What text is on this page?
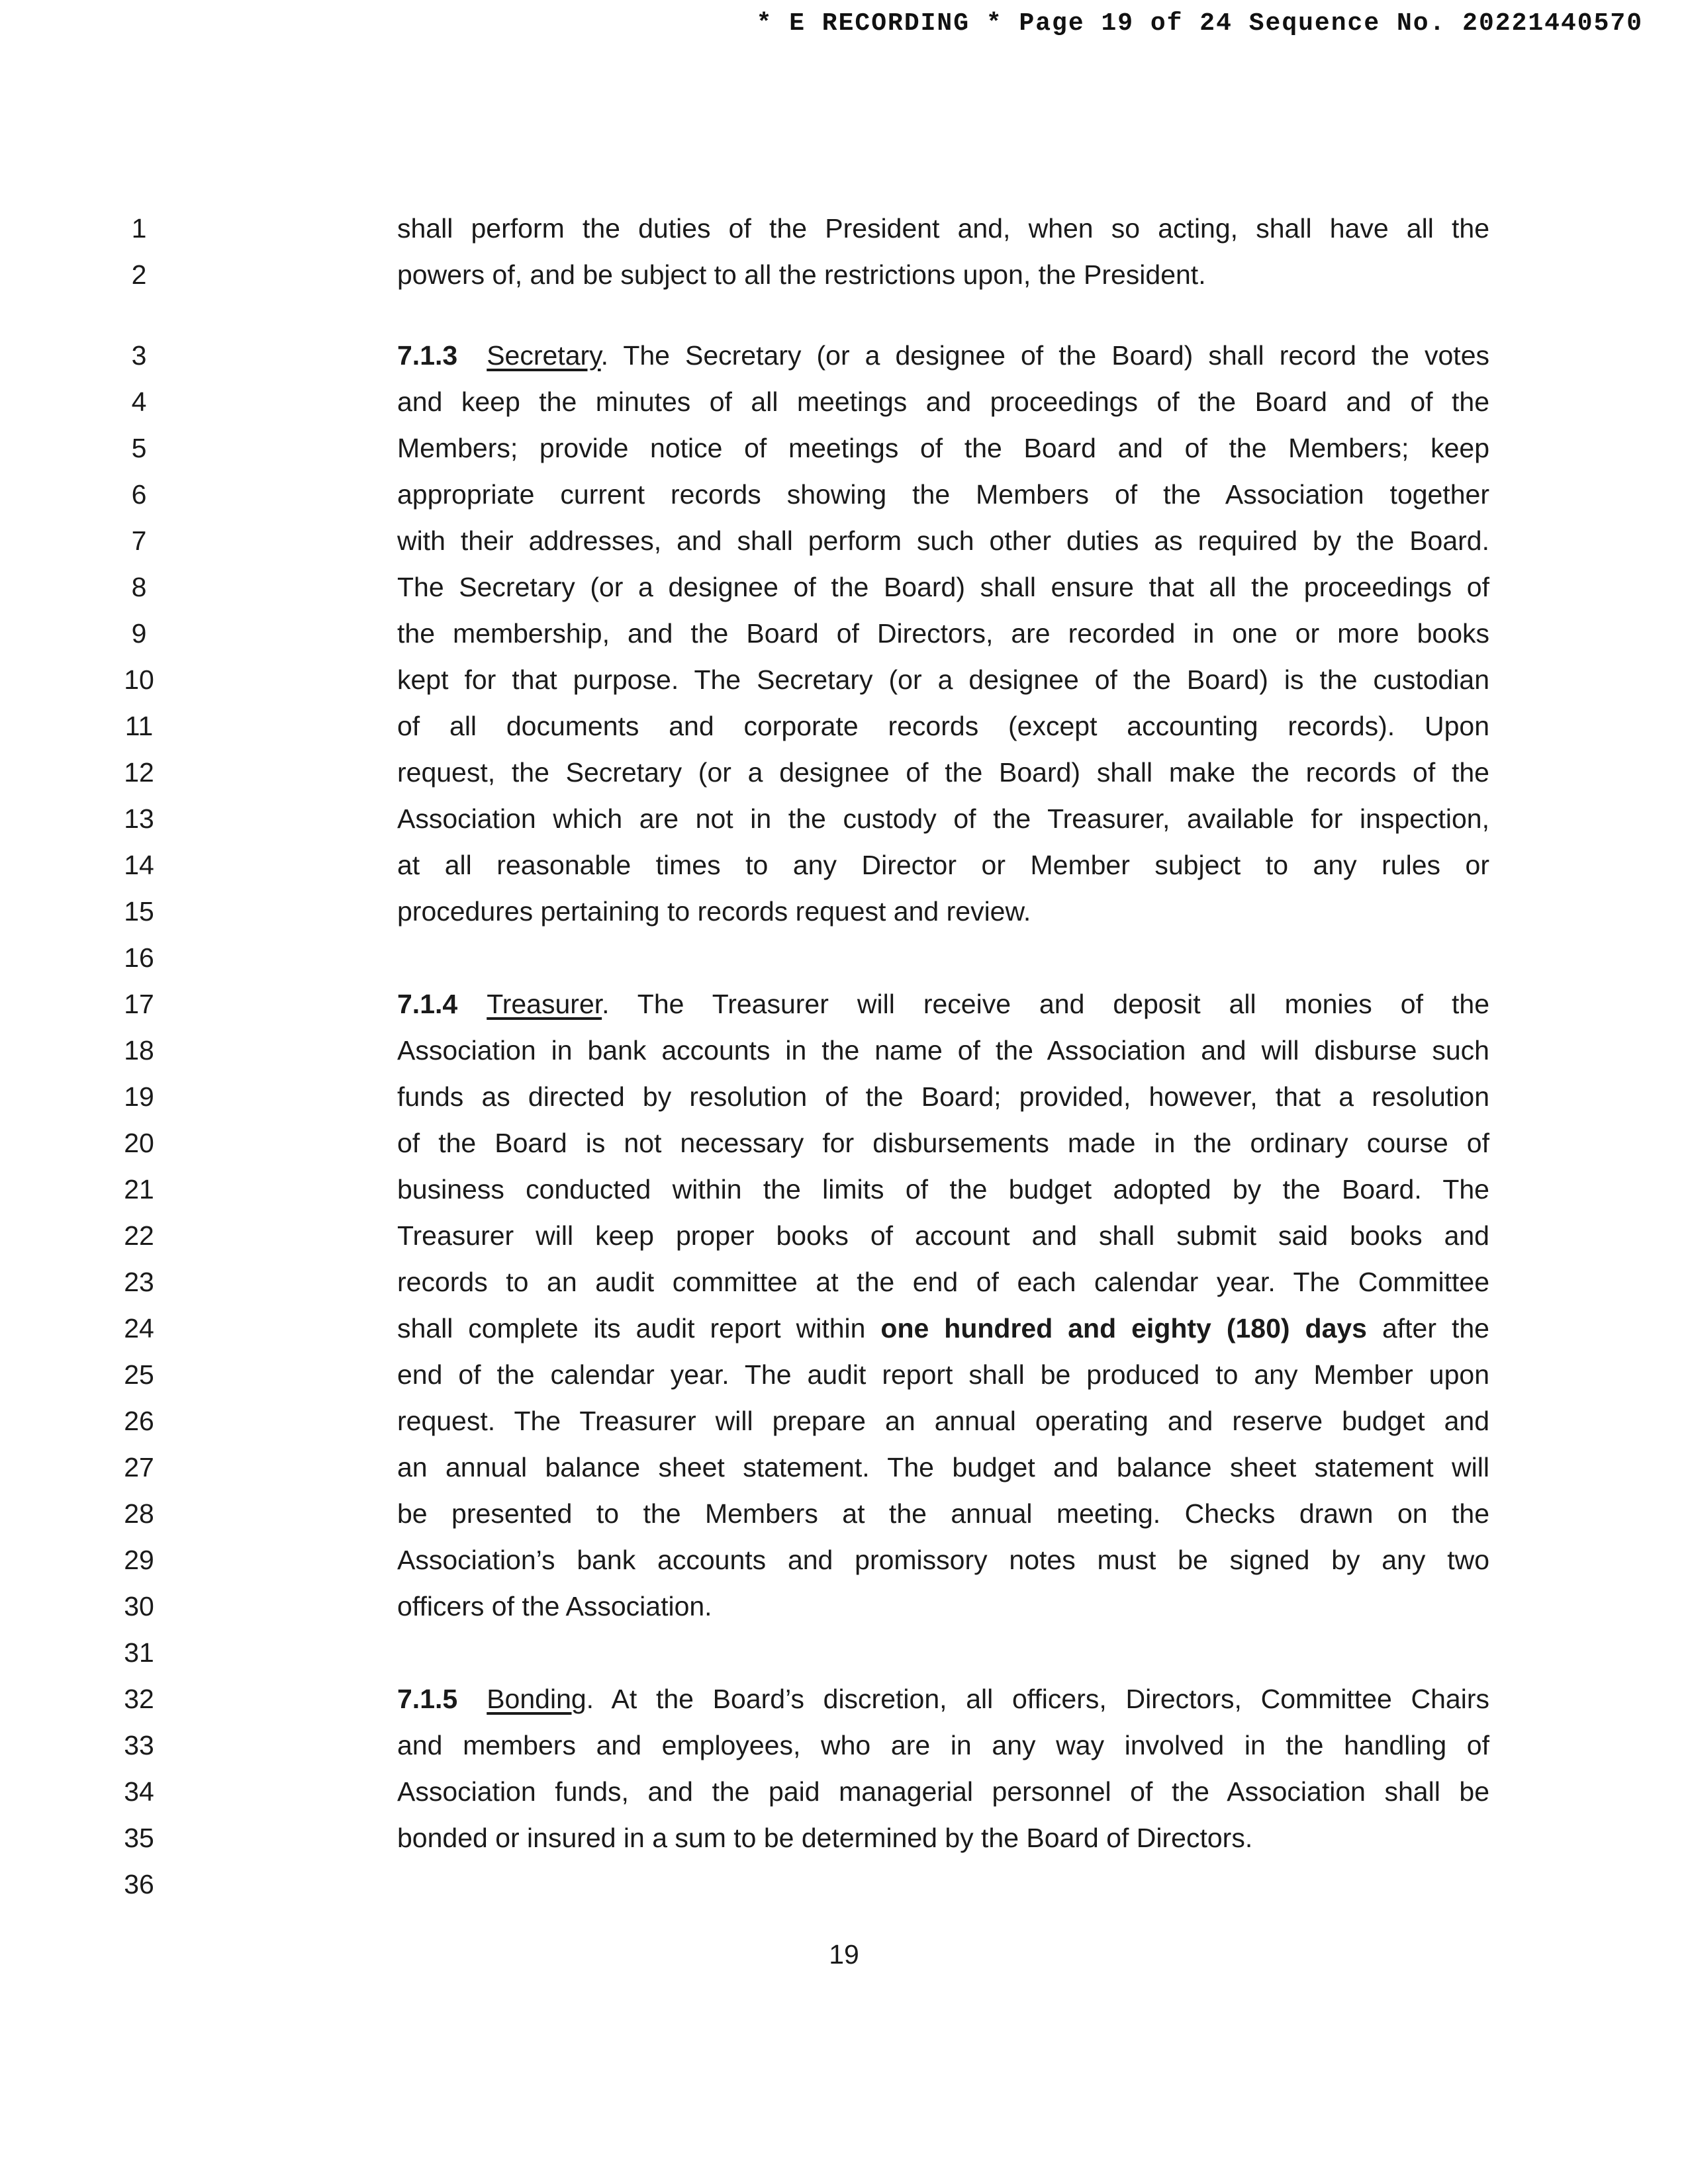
* E RECORDING * Page 19 of 24 Sequence No. 20221440570
1	shall perform the duties of the President and, when so acting, shall have all the
2	powers of, and be subject to all the restrictions upon, the President.
3	7.1.3 Secretary. The Secretary (or a designee of the Board) shall record the votes
4	and keep the minutes of all meetings and proceedings of the Board and of the
5	Members; provide notice of meetings of the Board and of the Members; keep
6	appropriate current records showing the Members of the Association together
7	with their addresses, and shall perform such other duties as required by the Board.
8	The Secretary (or a designee of the Board) shall ensure that all the proceedings of
9	the membership, and the Board of Directors, are recorded in one or more books
10	kept for that purpose. The Secretary (or a designee of the Board) is the custodian
11	of all documents and corporate records (except accounting records). Upon
12	request, the Secretary (or a designee of the Board) shall make the records of the
13	Association which are not in the custody of the Treasurer, available for inspection,
14	at all reasonable times to any Director or Member subject to any rules or
15	procedures pertaining to records request and review.
16
17	7.1.4 Treasurer. The Treasurer will receive and deposit all monies of the
18	Association in bank accounts in the name of the Association and will disburse such
19	funds as directed by resolution of the Board; provided, however, that a resolution
20	of the Board is not necessary for disbursements made in the ordinary course of
21	business conducted within the limits of the budget adopted by the Board. The
22	Treasurer will keep proper books of account and shall submit said books and
23	records to an audit committee at the end of each calendar year. The Committee
24	shall complete its audit report within one hundred and eighty (180) days after the
25	end of the calendar year. The audit report shall be produced to any Member upon
26	request. The Treasurer will prepare an annual operating and reserve budget and
27	an annual balance sheet statement. The budget and balance sheet statement will
28	be presented to the Members at the annual meeting. Checks drawn on the
29	Association’s bank accounts and promissory notes must be signed by any two
30	officers of the Association.
31
32	7.1.5 Bonding. At the Board’s discretion, all officers, Directors, Committee Chairs
33	and members and employees, who are in any way involved in the handling of
34	Association funds, and the paid managerial personnel of the Association shall be
35	bonded or insured in a sum to be determined by the Board of Directors.
36
19
